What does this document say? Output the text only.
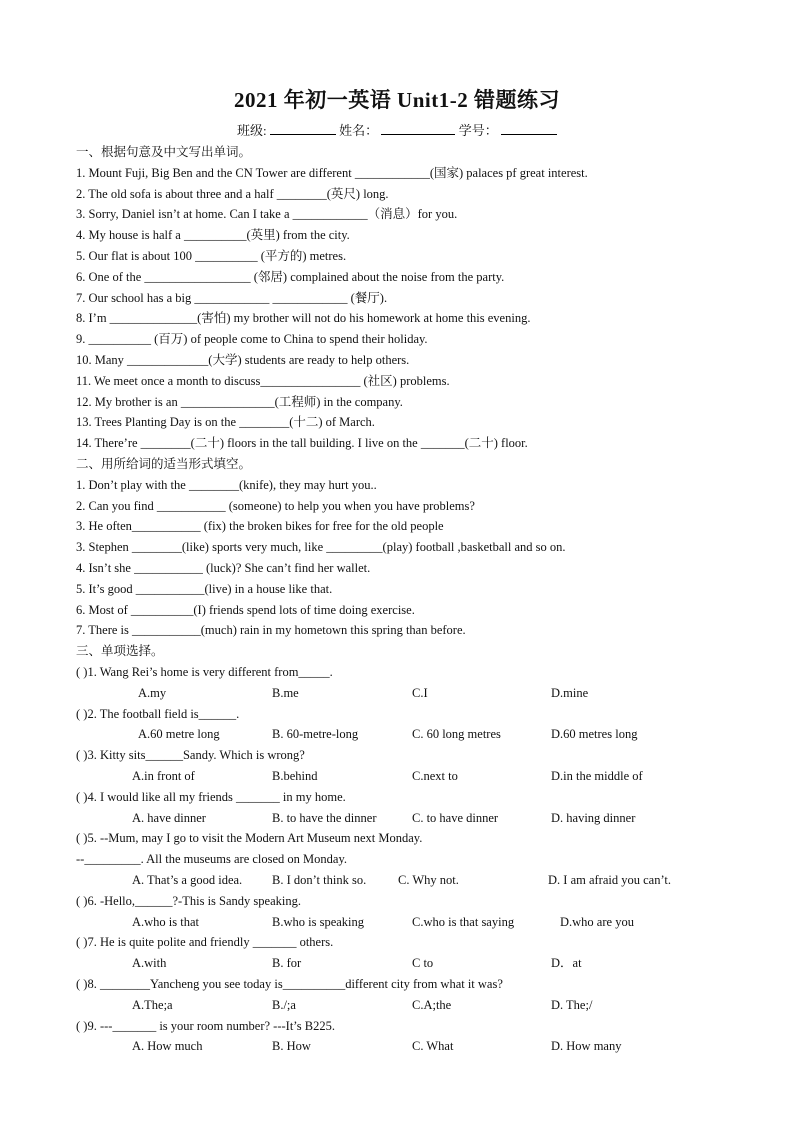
2021 年初一英语 Unit1-2 错题练习
班级:	姓名：	学号：
一、根据句意及中文写出单词。
1. Mount Fuji, Big Ben and the CN Tower are different ____________(国家) palaces pf great interest.
2. The old sofa is about three and a half ________(英尺) long.
3. Sorry, Daniel isn’t at home. Can I take a ____________（消息）for you.
4. My house is half a __________(英里) from the city.
5. Our flat is about 100 __________ (平方的) metres.
6. One of the _________________ (邻居) complained about the noise from the party.
7. Our school has a big ____________ ____________ (餐厅).
8. I’m ______________(害怕) my brother will not do his homework at home this evening.
9. __________ (百万) of people come to China to spend their holiday.
10. Many _____________(大学) students are ready to help others.
11. We meet once a month to discuss________________ (社区) problems.
12. My brother is an _______________(工程师) in the company.
13. Trees Planting Day is on the ________(十二) of March.
14. There’re ________(二十) floors in the tall building. I live on the _______(二十) floor.
二、用所给词的适当形式填空。
1. Don’t play with the ________(knife), they may hurt you..
2. Can you find ___________ (someone) to help you when you have problems?
3. He often___________ (fix) the broken bikes for free for the old people
3. Stephen ________(like) sports very much, like _________(play) football ,basketball and so on.
4. Isn’t she ___________ (luck)? She can’t find her wallet.
5. It’s good ___________(live) in a house like that.
6. Most of __________(I) friends spend lots of time doing exercise.
7. There is ___________(much) rain in my hometown this spring than before.
三、单项选择。
( )1. Wang Rei’s home is very different from_____.
A.my	B.me	C.I	D.mine
( )2. The football field is______.
A.60 metre long	B. 60-metre-long	C. 60 long metres	D.60 metres long
( )3. Kitty sits______Sandy. Which is wrong?
A.in front of	B.behind	C.next to	D.in the middle of
( )4. I would like all my friends _______ in my home.
A. have dinner	B. to have the dinner	C. to have dinner	D. having dinner
( )5. --Mum, may I go to visit the Modern Art Museum next Monday.
--_________. All the museums are closed on Monday.
A. That’s a good idea. B. I don’t think so.	C. Why not.	D. I am afraid you can’t.
( )6. -Hello,______?-This is Sandy speaking.
A.who is that	B.who is speaking	C.who is that saying	D.who are you
( )7. He is quite polite and friendly _______ others.
A.with	B. for	C to	D．at
( )8. ________Yancheng you see today is__________different city from what it was?
A.The;a	B./;a	C.A;the	D. The;/
( )9. ---_______ is your room number? ---It’s B225.
A. How much	B. How	C. What	D. How many
